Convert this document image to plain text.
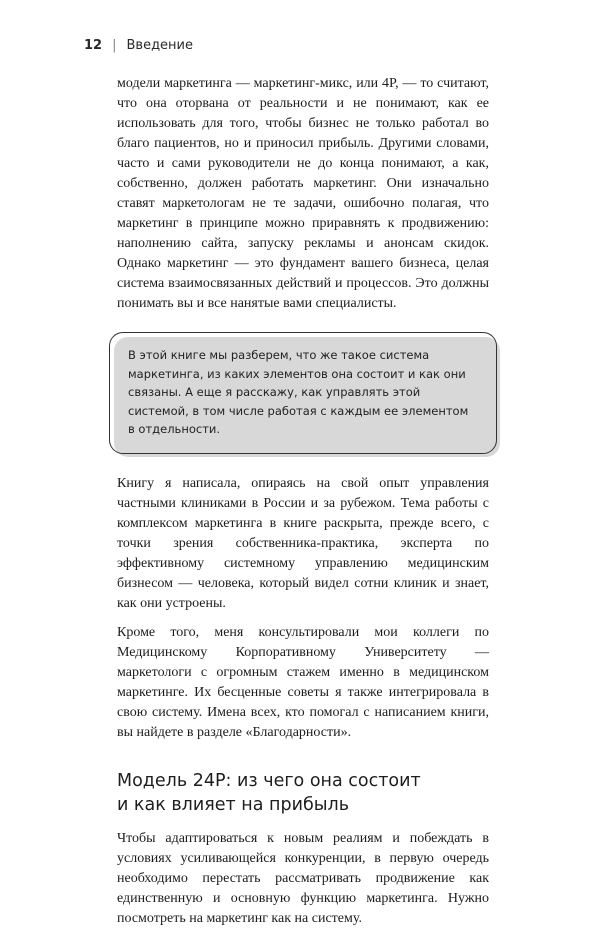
12 | Введение

модели маркетинга — маркетинг-микс, или 4Р, — то считают, что она оторвана от реальности и не понимают, как ее использовать для того, чтобы бизнес не только работал во благо пациентов, но и приносил прибыль. Другими словами, часто и сами руководители не до конца понимают, а как, собственно, должен работать маркетинг. Они изначально ставят маркетологам не те задачи, ошибочно полагая, что маркетинг в принципе можно приравнять к продвижению: наполнению сайта, запуску рекламы и анонсам скидок. Однако маркетинг — это фундамент вашего бизнеса, целая система взаимосвязанных действий и процессов. Это должны понимать вы и все нанятые вами специалисты.

В этой книге мы разберем, что же такое система маркетинга, из каких элементов она состоит и как они связаны. А еще я расскажу, как управлять этой системой, в том числе работая с каждым ее элементом в отдельности.

Книгу я написала, опираясь на свой опыт управления частными клиниками в России и за рубежом. Тема работы с комплексом маркетинга в книге раскрыта, прежде всего, с точки зрения собственника-практика, эксперта по эффективному системному управлению медицинским бизнесом — человека, который видел сотни клиник и знает, как они устроены.

Кроме того, меня консультировали мои коллеги по Медицинскому Корпоративному Университету — маркетологи с огромным стажем именно в медицинском маркетинге. Их бесценные советы я также интегрировала в свою систему. Имена всех, кто помогал с написанием книги, вы найдете в разделе «Благодарности».

Модель 24Р: из чего она состоит
и как влияет на прибыль

Чтобы адаптироваться к новым реалиям и побеждать в условиях усиливающейся конкуренции, в первую очередь необходимо перестать рассматривать продвижение как единственную и основную функцию маркетинга. Нужно посмотреть на маркетинг как на систему.
